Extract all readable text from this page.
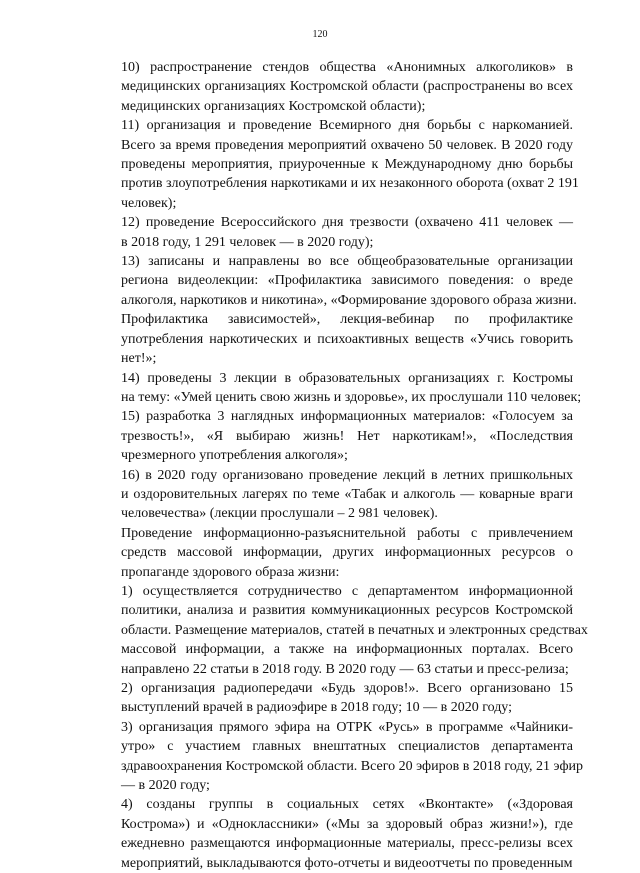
120

10) распространение стендов общества «Анонимных алкоголиков» в
медицинских организациях Костромской области (распространены во всех
медицинских организациях Костромской области);

11) организация и проведение Всемирного дня борьбы с наркоманией.
Всего за время проведения мероприятий охвачено 50 человек. В 2020 году
проведены мероприятия, приуроченные к Международному дню борьбы
против злоупотребления наркотиками и их незаконного оборота (охват 2 191
человек);

12) проведение Всероссийского дня трезвости (охвачено 411 человек —
в 2018 году, 1 291 человек — в 2020 году);

13) записаны и направлены во все общеобразовательные организации
региона видеолекции: «Профилактика зависимого поведения: о вреде
алкоголя, наркотиков и никотина», «Формирование здорового образа жизни.
Профилактика зависимостей», лекция-вебинар по профилактике
употребления наркотических и психоактивных веществ «Учись говорить
нет!»;

14) проведены 3 лекции в образовательных организациях г. Костромы
на тему: «Умей ценить свою жизнь и здоровье», их прослушали 110 человек;

15) разработка 3 наглядных информационных материалов: «Голосуем за
трезвость!», «Я выбираю жизнь! Нет наркотикам!», «Последствия
чрезмерного употребления алкоголя»;

16) в 2020 году организовано проведение лекций в летних пришкольных
и оздоровительных лагерях по теме «Табак и алкоголь — коварные враги
человечества» (лекции прослушали – 2 981 человек).

Проведение информационно-разъяснительной работы с привлечением
средств массовой информации, других информационных ресурсов о
пропаганде здорового образа жизни:

1) осуществляется сотрудничество с департаментом информационной
политики, анализа и развития коммуникационных ресурсов Костромской
области. Размещение материалов, статей в печатных и электронных средствах
массовой информации, а также на информационных порталах. Всего
направлено 22 статьи в 2018 году. В 2020 году — 63 статьи и пресс-релиза;

2) организация радиопередачи «Будь здоров!». Всего организовано 15
выступлений врачей в радиоэфире в 2018 году; 10 — в 2020 году;

3) организация прямого эфира на ОТРК «Русь» в программе «Чайники-
утро» с участием главных внештатных специалистов департамента
здравоохранения Костромской области. Всего 20 эфиров в 2018 году, 21 эфир
— в 2020 году;

4) созданы группы в социальных сетях «Вконтакте» («Здоровая
Кострома») и «Одноклассники» («Мы за здоровый образ жизни!»), где
ежедневно размещаются информационные материалы, пресс-релизы всех
мероприятий, выкладываются фото-отчеты и видеоотчеты по проведенным
